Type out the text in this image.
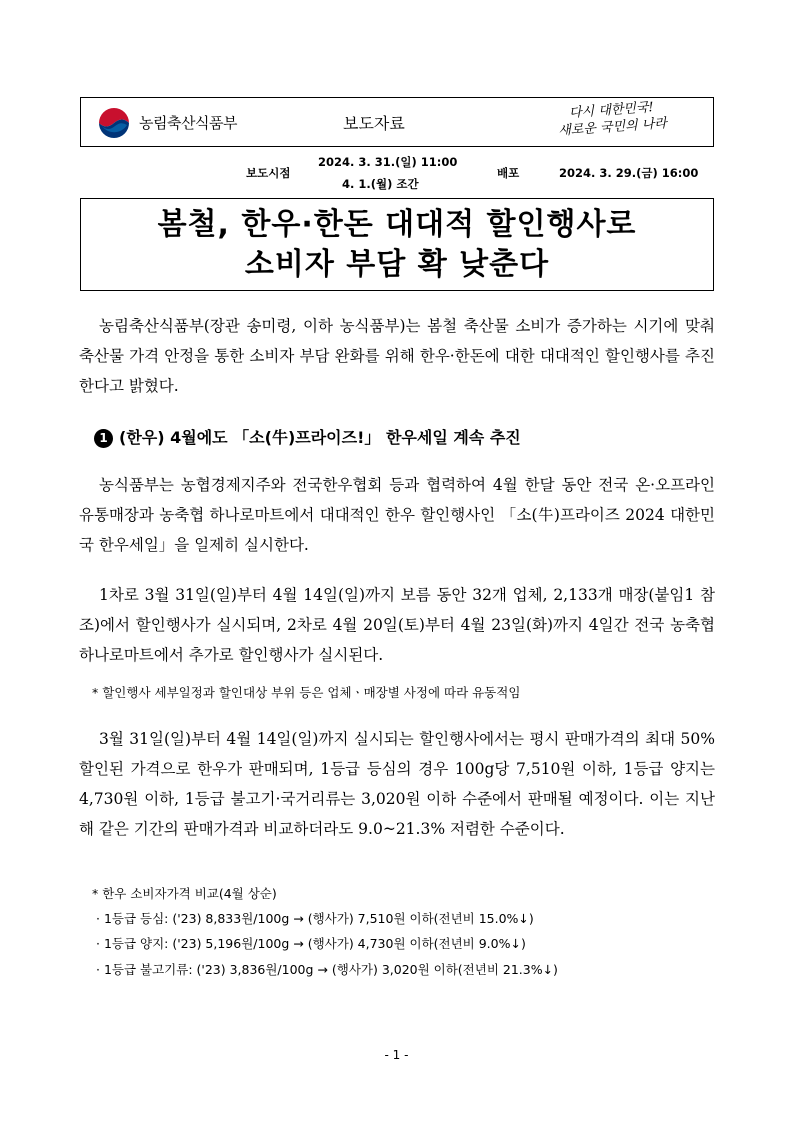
농림축산식품부	보도자료
다시 대한민국!
새로운 국민의 나라
보도시점
2024. 3. 31.(일) 11:00
4. 1.(월) 조간
배포	2024. 3. 29.(금) 16:00
봄철, 한우·한돈 대대적 할인행사로
소비자 부담 확 낮춘다

농림축산식품부(장관 송미령, 이하 농식품부)는 봄철 축산물 소비가 증가하는 시기에 맞춰 축산물 가격 안정을 통한 소비자 부담 완화를 위해 한우·한돈에 대한 대대적인 할인행사를 추진한다고 밝혔다.

1 (한우) 4월에도 「소(牛)프라이즈!」 한우세일 계속 추진

농식품부는 농협경제지주와 전국한우협회 등과 협력하여 4월 한달 동안 전국 온·오프라인 유통매장과 농축협 하나로마트에서 대대적인 한우 할인행사인 「소(牛)프라이즈 2024 대한민국 한우세일」을 일제히 실시한다.

1차로 3월 31일(일)부터 4월 14일(일)까지 보름 동안 32개 업체, 2,133개 매장(붙임1 참조)에서 할인행사가 실시되며, 2차로 4월 20일(토)부터 4월 23일(화)까지 4일간 전국 농축협 하나로마트에서 추가로 할인행사가 실시된다.

* 할인행사 세부일정과 할인대상 부위 등은 업체ㆍ매장별 사정에 따라 유동적임

3월 31일(일)부터 4월 14일(일)까지 실시되는 할인행사에서는 평시 판매가격의 최대 50% 할인된 가격으로 한우가 판매되며, 1등급 등심의 경우 100g당 7,510원 이하, 1등급 양지는 4,730원 이하, 1등급 불고기·국거리류는 3,020원 이하 수준에서 판매될 예정이다. 이는 지난해 같은 기간의 판매가격과 비교하더라도 9.0~21.3% 저렴한 수준이다.

* 한우 소비자가격 비교(4월 상순)
· 1등급 등심: ('23) 8,833원/100g → (행사가) 7,510원 이하(전년비 15.0%↓)
· 1등급 양지: ('23) 5,196원/100g → (행사가) 4,730원 이하(전년비 9.0%↓)
· 1등급 불고기류: ('23) 3,836원/100g → (행사가) 3,020원 이하(전년비 21.3%↓)
- 1 -
